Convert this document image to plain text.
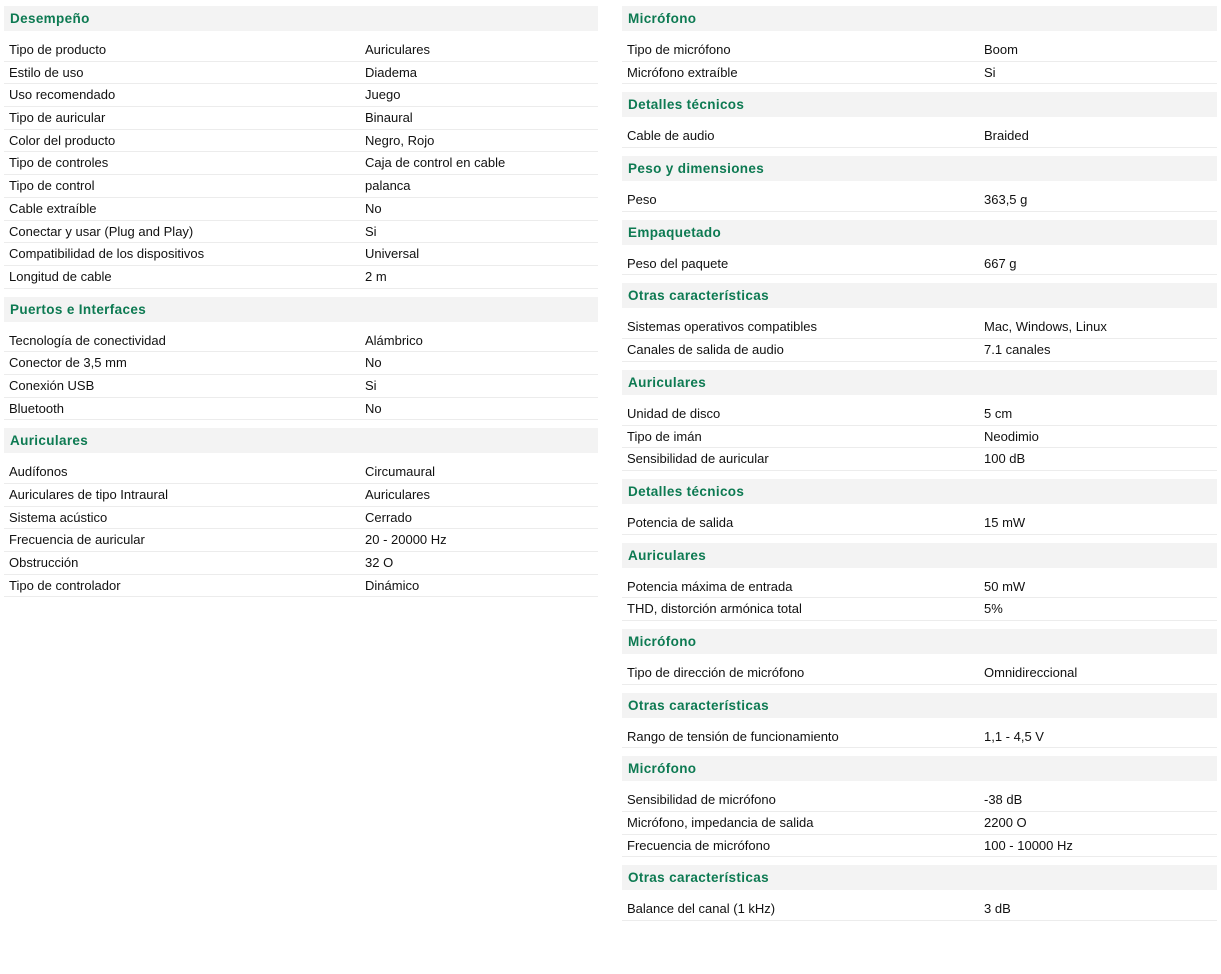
Desempeño
Tipo de producto	Auriculares
Estilo de uso	Diadema
Uso recomendado	Juego
Tipo de auricular	Binaural
Color del producto	Negro, Rojo
Tipo de controles	Caja de control en cable
Tipo de control	palanca
Cable extraíble	No
Conectar y usar (Plug and Play)	Si
Compatibilidad de los dispositivos	Universal
Longitud de cable	2 m
Puertos e Interfaces
Tecnología de conectividad	Alámbrico
Conector de 3,5 mm	No
Conexión USB	Si
Bluetooth	No
Auriculares
Audífonos	Circumaural
Auriculares de tipo Intraural	Auriculares
Sistema acústico	Cerrado
Frecuencia de auricular	20 - 20000 Hz
Obstrucción	32 O
Tipo de controlador	Dinámico
Micrófono
Tipo de micrófono	Boom
Micrófono extraíble	Si
Detalles técnicos
Cable de audio	Braided
Peso y dimensiones
Peso	363,5 g
Empaquetado
Peso del paquete	667 g
Otras características
Sistemas operativos compatibles	Mac, Windows, Linux
Canales de salida de audio	7.1 canales
Auriculares
Unidad de disco	5 cm
Tipo de imán	Neodimio
Sensibilidad de auricular	100 dB
Detalles técnicos
Potencia de salida	15 mW
Auriculares
Potencia máxima de entrada	50 mW
THD, distorción armónica total	5%
Micrófono
Tipo de dirección de micrófono	Omnidireccional
Otras características
Rango de tensión de funcionamiento	1,1 - 4,5 V
Micrófono
Sensibilidad de micrófono	-38 dB
Micrófono, impedancia de salida	2200 O
Frecuencia de micrófono	100 - 10000 Hz
Otras características
Balance del canal (1 kHz)	3 dB
